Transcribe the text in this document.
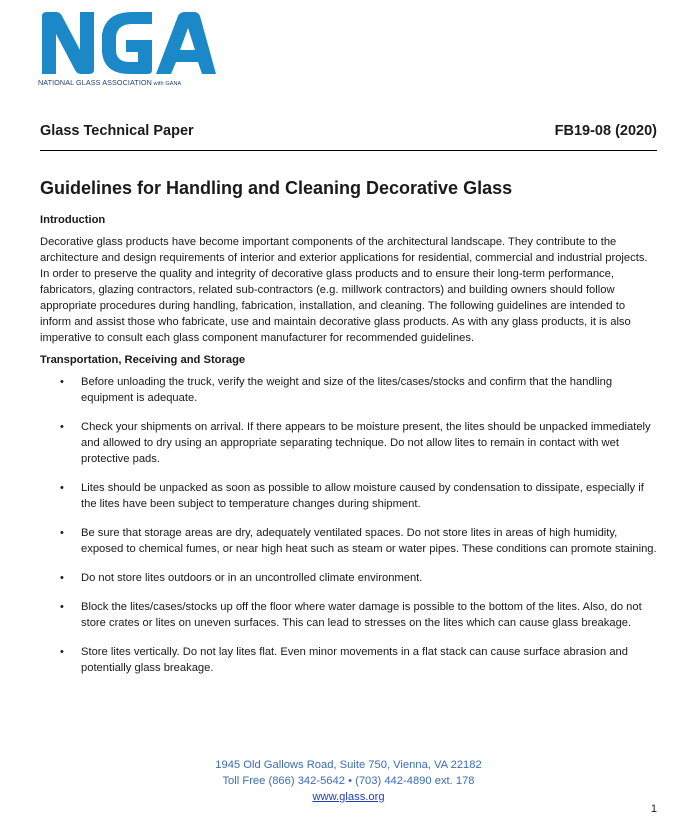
NATIONAL GLASS ASSOCIATION with GANA
Glass Technical Paper	FB19-08 (2020)
Guidelines for Handling and Cleaning Decorative Glass

Introduction

Decorative glass products have become important components of the architectural landscape. They contribute to the architecture and design requirements of interior and exterior applications for residential, commercial and industrial projects. In order to preserve the quality and integrity of decorative glass products and to ensure their long-term performance, fabricators, glazing contractors, related sub-contractors (e.g. millwork contractors) and building owners should follow appropriate procedures during handling, fabrication, installation, and cleaning. The following guidelines are intended to inform and assist those who fabricate, use and maintain decorative glass products. As with any glass products, it is also imperative to consult each glass component manufacturer for recommended guidelines.

Transportation, Receiving and Storage

• Before unloading the truck, verify the weight and size of the lites/cases/stocks and confirm that the handling equipment is adequate.
• Check your shipments on arrival. If there appears to be moisture present, the lites should be unpacked immediately and allowed to dry using an appropriate separating technique. Do not allow lites to remain in contact with wet protective pads.
• Lites should be unpacked as soon as possible to allow moisture caused by condensation to dissipate, especially if the lites have been subject to temperature changes during shipment.
• Be sure that storage areas are dry, adequately ventilated spaces. Do not store lites in areas of high humidity, exposed to chemical fumes, or near high heat such as steam or water pipes. These conditions can promote staining.
• Do not store lites outdoors or in an uncontrolled climate environment.
• Block the lites/cases/stocks up off the floor where water damage is possible to the bottom of the lites. Also, do not store crates or lites on uneven surfaces. This can lead to stresses on the lites which can cause glass breakage.
• Store lites vertically. Do not lay lites flat. Even minor movements in a flat stack can cause surface abrasion and potentially glass breakage.
1945 Old Gallows Road, Suite 750, Vienna, VA 22182
Toll Free (866) 342-5642 • (703) 442-4890 ext. 178
www.glass.org
1
